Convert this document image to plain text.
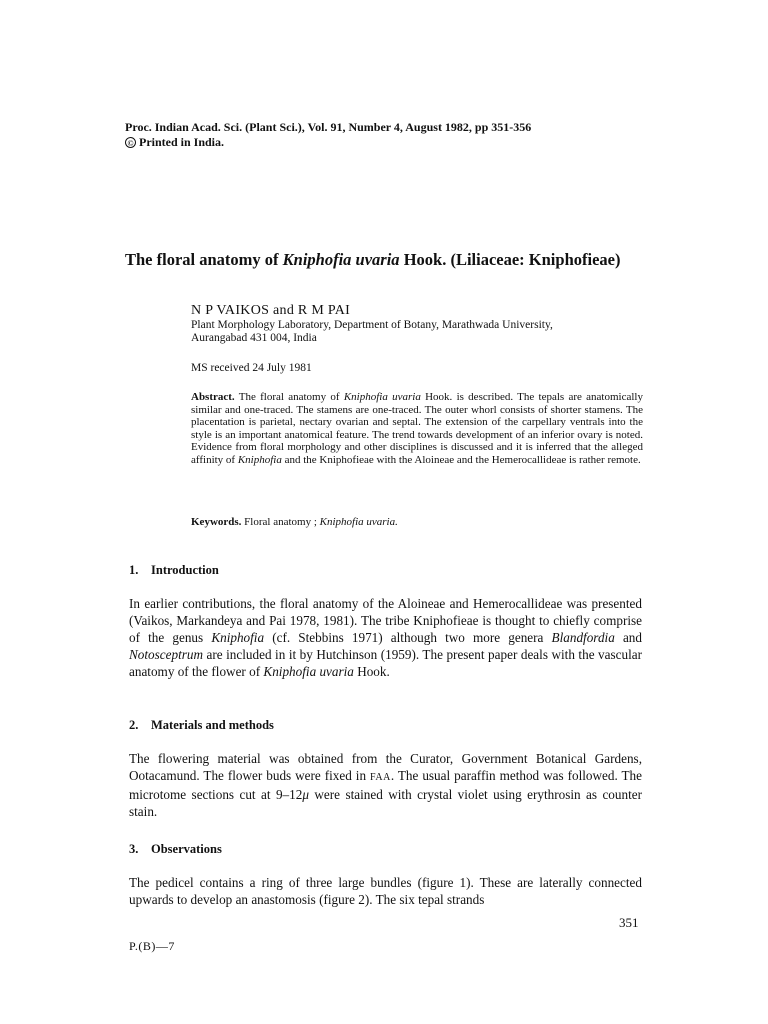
Proc. Indian Acad. Sci. (Plant Sci.), Vol. 91, Number 4, August 1982, pp 351-356
© Printed in India.
The floral anatomy of Kniphofia uvaria Hook. (Liliaceae: Kniphofieae)
N P VAIKOS and R M PAI
Plant Morphology Laboratory, Department of Botany, Marathwada University,
Aurangabad 431 004, India
MS received 24 July 1981
Abstract. The floral anatomy of Kniphofia uvaria Hook. is described. The tepals are anatomically similar and one-traced. The stamens are one-traced. The outer whorl consists of shorter stamens. The placentation is parietal, nectary ovarian and septal. The extension of the carpellary ventrals into the style is an important anatomical feature. The trend towards development of an inferior ovary is noted. Evidence from floral morphology and other disciplines is discussed and it is inferred that the alleged affinity of Kniphofia and the Kniphofieae with the Aloineae and the Hemerocallideae is rather remote.
Keywords. Floral anatomy ; Kniphofia uvaria.
1. Introduction
In earlier contributions, the floral anatomy of the Aloineae and Hemerocallideae was presented (Vaikos, Markandeya and Pai 1978, 1981). The tribe Kniphofieae is thought to chiefly comprise of the genus Kniphofia (cf. Stebbins 1971) although two more genera Blandfordia and Notosceptrum are included in it by Hutchinson (1959). The present paper deals with the vascular anatomy of the flower of Kniphofia uvaria Hook.
2. Materials and methods
The flowering material was obtained from the Curator, Government Botanical Gardens, Ootacamund. The flower buds were fixed in FAA. The usual paraffin method was followed. The microtome sections cut at 9–12μ were stained with crystal violet using erythrosin as counter stain.
3. Observations
The pedicel contains a ring of three large bundles (figure 1). These are laterally connected upwards to develop an anastomosis (figure 2). The six tepal strands
351
P.(B)—7
